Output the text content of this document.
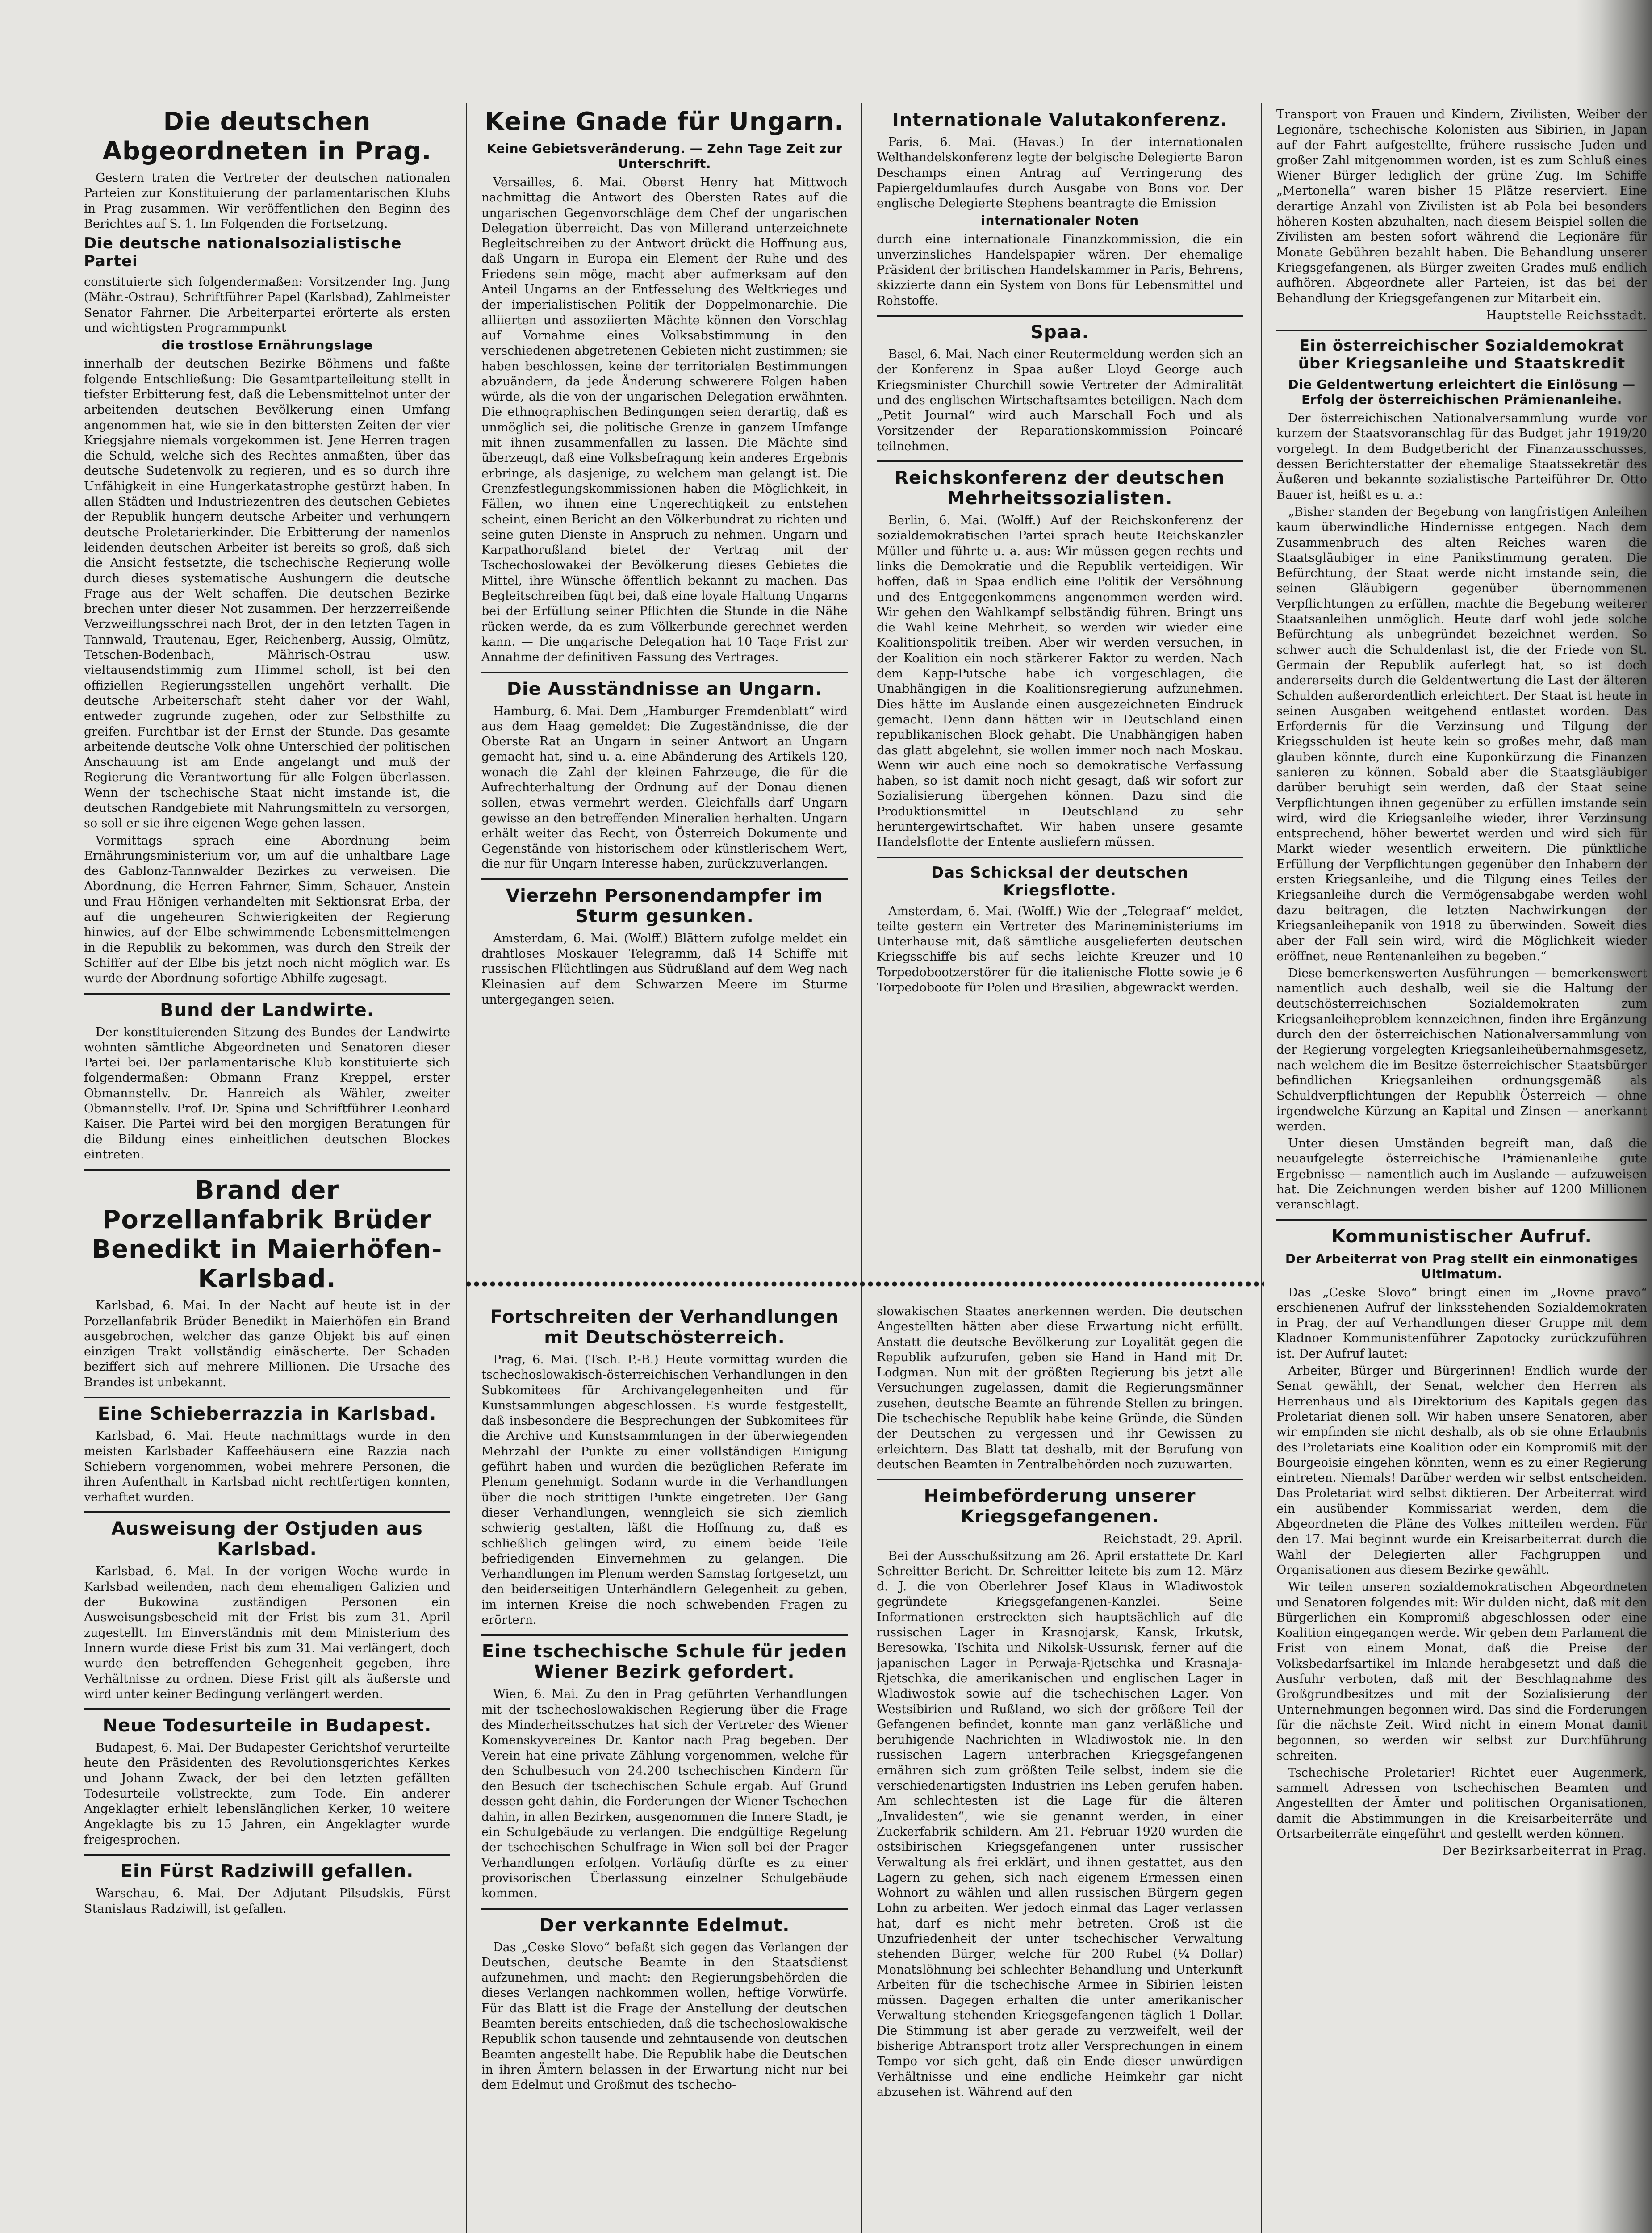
Die deutschen Abgeordneten in Prag.

Gestern traten die Vertreter der deutschen nationalen Parteien zur Konstituierung der parlamentarischen Klubs in Prag zusammen. Wir veröffentlichen den Beginn des Berichtes auf S. 1. Im Folgenden die Fortsetzung.

Die deutsche nationalsozialistische Partei

constituierte sich folgendermaßen: Vorsitzender Ing. Jung (Mähr.-Ostrau), Schriftführer Papel (Karlsbad), Zahlmeister Senator Fahrner. Die Arbeiterpartei erörterte als ersten und wichtigsten Programmpunkt

die trostlose Ernährungslage

innerhalb der deutschen Bezirke Böhmens und faßte folgende Entschließung: Die Gesamtparteileitung stellt in tiefster Erbitterung fest, daß die Lebensmittelnot unter der arbeitenden deutschen Bevölkerung einen Umfang angenommen hat, wie sie in den bittersten Zeiten der vier Kriegsjahre niemals vorgekommen ist. Jene Herren tragen die Schuld, welche sich des Rechtes anmaßten, über das deutsche Sudetenvolk zu regieren, und es so durch ihre Unfähigkeit in eine Hungerkatastrophe gestürzt haben. In allen Städten und Industriezentren des deutschen Gebietes der Republik hungern deutsche Arbeiter und verhungern deutsche Proletarierkinder. Die Erbitterung der namenlos leidenden deutschen Arbeiter ist bereits so groß, daß sich die Ansicht festsetzte, die tschechische Regierung wolle durch dieses systematische Aushungern die deutsche Frage aus der Welt schaffen. Die deutschen Bezirke brechen unter dieser Not zusammen. Der herzzerreißende Verzweiflungsschrei nach Brot, der in den letzten Tagen in Tannwald, Trautenau, Eger, Reichenberg, Aussig, Olmütz, Tetschen-Bodenbach, Mährisch-Ostrau usw. vieltausendstimmig zum Himmel scholl, ist bei den offiziellen Regierungsstellen ungehört verhallt. Die deutsche Arbeiterschaft steht daher vor der Wahl, entweder zugrunde zugehen, oder zur Selbsthilfe zu greifen. Furchtbar ist der Ernst der Stunde. Das gesamte arbeitende deutsche Volk ohne Unterschied der politischen Anschauung ist am Ende angelangt und muß der Regierung die Verantwortung für alle Folgen überlassen. Wenn der tschechische Staat nicht imstande ist, die deutschen Randgebiete mit Nahrungsmitteln zu versorgen, so soll er sie ihre eigenen Wege gehen lassen.

Vormittags sprach eine Abordnung beim Ernährungsministerium vor, um auf die unhaltbare Lage des Gablonz-Tannwalder Bezirkes zu verweisen. Die Abordnung, die Herren Fahrner, Simm, Schauer, Anstein und Frau Hönigen verhandelten mit Sektionsrat Erba, der auf die ungeheuren Schwierigkeiten der Regierung hinwies, auf der Elbe schwimmende Lebensmittelmengen in die Republik zu bekommen, was durch den Streik der Schiffer auf der Elbe bis jetzt noch nicht möglich war. Es wurde der Abordnung sofortige Abhilfe zugesagt.

Bund der Landwirte.

Der konstituierenden Sitzung des Bundes der Landwirte wohnten sämtliche Abgeordneten und Senatoren dieser Partei bei. Der parlamentarische Klub konstituierte sich folgendermaßen: Obmann Franz Kreppel, erster Obmannstellv. Dr. Hanreich als Wähler, zweiter Obmannstellv. Prof. Dr. Spina und Schriftführer Leonhard Kaiser. Die Partei wird bei den morgigen Beratungen für die Bildung eines einheitlichen deutschen Blockes eintreten.

Brand der Porzellanfabrik Brüder Benedikt in Maierhöfen-Karlsbad.

Karlsbad, 6. Mai. In der Nacht auf heute ist in der Porzellanfabrik Brüder Benedikt in Maierhöfen ein Brand ausgebrochen, welcher das ganze Objekt bis auf einen einzigen Trakt vollständig einäscherte. Der Schaden beziffert sich auf mehrere Millionen. Die Ursache des Brandes ist unbekannt.

Eine Schieberrazzia in Karlsbad.

Karlsbad, 6. Mai. Heute nachmittags wurde in den meisten Karlsbader Kaffeehäusern eine Razzia nach Schiebern vorgenommen, wobei mehrere Personen, die ihren Aufenthalt in Karlsbad nicht rechtfertigen konnten, verhaftet wurden.

Ausweisung der Ostjuden aus Karlsbad.

Karlsbad, 6. Mai. In der vorigen Woche wurde in Karlsbad weilenden, nach dem ehemaligen Galizien und der Bukowina zuständigen Personen ein Ausweisungsbescheid mit der Frist bis zum 31. April zugestellt. Im Einverständnis mit dem Ministerium des Innern wurde diese Frist bis zum 31. Mai verlängert, doch wurde den betreffenden Gehegenheit gegeben, ihre Verhältnisse zu ordnen. Diese Frist gilt als äußerste und wird unter keiner Bedingung verlängert werden.

Neue Todesurteile in Budapest.

Budapest, 6. Mai. Der Budapester Gerichtshof verurteilte heute den Präsidenten des Revolutionsgerichtes Kerkes und Johann Zwack, der bei den letzten gefällten Todesurteile vollstreckte, zum Tode. Ein anderer Angeklagter erhielt lebenslänglichen Kerker, 10 weitere Angeklagte bis zu 15 Jahren, ein Angeklagter wurde freigesprochen.

Ein Fürst Radziwill gefallen.

Warschau, 6. Mai. Der Adjutant Pilsudskis, Fürst Stanislaus Radziwill, ist gefallen.

Keine Gnade für Ungarn.
Keine Gebietsveränderung. — Zehn Tage Zeit zur Unterschrift.

Versailles, 6. Mai. Oberst Henry hat Mittwoch nachmittag die Antwort des Obersten Rates auf die ungarischen Gegenvorschläge dem Chef der ungarischen Delegation überreicht. Das von Millerand unterzeichnete Begleitschreiben zu der Antwort drückt die Hoffnung aus, daß Ungarn in Europa ein Element der Ruhe und des Friedens sein möge, macht aber aufmerksam auf den Anteil Ungarns an der Entfesselung des Weltkrieges und der imperialistischen Politik der Doppelmonarchie. Die alliierten und assoziierten Mächte können den Vorschlag auf Vornahme eines Volksabstimmung in den verschiedenen abgetretenen Gebieten nicht zustimmen; sie haben beschlossen, keine der territorialen Bestimmungen abzuändern, da jede Änderung schwerere Folgen haben würde, als die von der ungarischen Delegation erwähnten. Die ethnographischen Bedingungen seien derartig, daß es unmöglich sei, die politische Grenze in ganzem Umfange mit ihnen zusammenfallen zu lassen. Die Mächte sind überzeugt, daß eine Volksbefragung kein anderes Ergebnis erbringe, als dasjenige, zu welchem man gelangt ist. Die Grenzfestlegungskommissionen haben die Möglichkeit, in Fällen, wo ihnen eine Ungerechtigkeit zu entstehen scheint, einen Bericht an den Völkerbundrat zu richten und seine guten Dienste in Anspruch zu nehmen. Ungarn und Karpathorußland bietet der Vertrag mit der Tschechoslowakei der Bevölkerung dieses Gebietes die Mittel, ihre Wünsche öffentlich bekannt zu machen. Das Begleitschreiben fügt bei, daß eine loyale Haltung Ungarns bei der Erfüllung seiner Pflichten die Stunde in die Nähe rücken werde, da es zum Völkerbunde gerechnet werden kann. — Die ungarische Delegation hat 10 Tage Frist zur Annahme der definitiven Fassung des Vertrages.

Die Ausständnisse an Ungarn.

Hamburg, 6. Mai. Dem „Hamburger Fremdenblatt“ wird aus dem Haag gemeldet: Die Zugeständnisse, die der Oberste Rat an Ungarn in seiner Antwort an Ungarn gemacht hat, sind u. a. eine Abänderung des Artikels 120, wonach die Zahl der kleinen Fahrzeuge, die für die Aufrechterhaltung der Ordnung auf der Donau dienen sollen, etwas vermehrt werden. Gleichfalls darf Ungarn gewisse an den betreffenden Mineralien herhalten. Ungarn erhält weiter das Recht, von Österreich Dokumente und Gegenstände von historischem oder künstlerischem Wert, die nur für Ungarn Interesse haben, zurückzuverlangen.

Vierzehn Personendampfer im Sturm gesunken.

Amsterdam, 6. Mai. (Wolff.) Blättern zufolge meldet ein drahtloses Moskauer Telegramm, daß 14 Schiffe mit russischen Flüchtlingen aus Südrußland auf dem Weg nach Kleinasien auf dem Schwarzen Meere im Sturme untergegangen seien.

Internationale Valutakonferenz.

Paris, 6. Mai. (Havas.) In der internationalen Welthandelskonferenz legte der belgische Delegierte Baron Deschamps einen Antrag auf Verringerung des Papiergeldumlaufes durch Ausgabe von Bons vor. Der englische Delegierte Stephens beantragte die Emission

internationaler Noten

durch eine internationale Finanzkommission, die ein unverzinsliches Handelspapier wären. Der ehemalige Präsident der britischen Handelskammer in Paris, Behrens, skizzierte dann ein System von Bons für Lebensmittel und Rohstoffe.

Spaa.

Basel, 6. Mai. Nach einer Reutermeldung werden sich an der Konferenz in Spaa außer Lloyd George auch Kriegsminister Churchill sowie Vertreter der Admiralität und des englischen Wirtschaftsamtes beteiligen. Nach dem „Petit Journal“ wird auch Marschall Foch und als Vorsitzender der Reparationskommission Poincaré teilnehmen.

Reichskonferenz der deutschen Mehrheitssozialisten.

Berlin, 6. Mai. (Wolff.) Auf der Reichskonferenz der sozialdemokratischen Partei sprach heute Reichskanzler Müller und führte u. a. aus: Wir müssen gegen rechts und links die Demokratie und die Republik verteidigen. Wir hoffen, daß in Spaa endlich eine Politik der Versöhnung und des Entgegenkommens angenommen werden wird. Wir gehen den Wahlkampf selbständig führen. Bringt uns die Wahl keine Mehrheit, so werden wir wieder eine Koalitionspolitik treiben. Aber wir werden versuchen, in der Koalition ein noch stärkerer Faktor zu werden. Nach dem Kapp-Putsche habe ich vorgeschlagen, die Unabhängigen in die Koalitionsregierung aufzunehmen. Dies hätte im Auslande einen ausgezeichneten Eindruck gemacht. Denn dann hätten wir in Deutschland einen republikanischen Block gehabt. Die Unabhängigen haben das glatt abgelehnt, sie wollen immer noch nach Moskau. Wenn wir auch eine noch so demokratische Verfassung haben, so ist damit noch nicht gesagt, daß wir sofort zur Sozialisierung übergehen können. Dazu sind die Produktionsmittel in Deutschland zu sehr heruntergewirtschaftet. Wir haben unsere gesamte Handelsflotte der Entente ausliefern müssen.

Das Schicksal der deutschen Kriegsflotte.

Amsterdam, 6. Mai. (Wolff.) Wie der „Telegraaf“ meldet, teilte gestern ein Vertreter des Marineministeriums im Unterhause mit, daß sämtliche ausgelieferten deutschen Kriegsschiffe bis auf sechs leichte Kreuzer und 10 Torpedobootzerstörer für die italienische Flotte sowie je 6 Torpedoboote für Polen und Brasilien, abgewrackt werden.

Fortschreiten der Verhandlungen mit Deutschösterreich.

Prag, 6. Mai. (Tsch. P.-B.) Heute vormittag wurden die tschechoslowakisch-österreichischen Verhandlungen in den Subkomitees für Archivangelegenheiten und für Kunstsammlungen abgeschlossen. Es wurde festgestellt, daß insbesondere die Besprechungen der Subkomitees für die Archive und Kunstsammlungen in der überwiegenden Mehrzahl der Punkte zu einer vollständigen Einigung geführt haben und wurden die bezüglichen Referate im Plenum genehmigt. Sodann wurde in die Verhandlungen über die noch strittigen Punkte eingetreten. Der Gang dieser Verhandlungen, wenngleich sie sich ziemlich schwierig gestalten, läßt die Hoffnung zu, daß es schließlich gelingen wird, zu einem beide Teile befriedigenden Einvernehmen zu gelangen. Die Verhandlungen im Plenum werden Samstag fortgesetzt, um den beiderseitigen Unterhändlern Gelegenheit zu geben, im internen Kreise die noch schwebenden Fragen zu erörtern.

Eine tschechische Schule für jeden Wiener Bezirk gefordert.

Wien, 6. Mai. Zu den in Prag geführten Verhandlungen mit der tschechoslowakischen Regierung über die Frage des Minderheitsschutzes hat sich der Vertreter des Wiener Komenskyvereines Dr. Kantor nach Prag begeben. Der Verein hat eine private Zählung vorgenommen, welche für den Schulbesuch von 24.200 tschechischen Kindern für den Besuch der tschechischen Schule ergab. Auf Grund dessen geht dahin, die Forderungen der Wiener Tschechen dahin, in allen Bezirken, ausgenommen die Innere Stadt, je ein Schulgebäude zu verlangen. Die endgültige Regelung der tschechischen Schulfrage in Wien soll bei der Prager Verhandlungen erfolgen. Vorläufig dürfte es zu einer provisorischen Überlassung einzelner Schulgebäude kommen.

Der verkannte Edelmut.

Das „Ceske Slovo“ befaßt sich gegen das Verlangen der Deutschen, deutsche Beamte in den Staatsdienst aufzunehmen, und macht: den Regierungsbehörden die dieses Verlangen nachkommen wollen, heftige Vorwürfe. Für das Blatt ist die Frage der Anstellung der deutschen Beamten bereits entschieden, daß die tschechoslowakische Republik schon tausende und zehntausende von deutschen Beamten angestellt habe. Die Republik habe die Deutschen in ihren Ämtern belassen in der Erwartung nicht nur bei dem Edelmut und Großmut des tschecho-

slowakischen Staates anerkennen werden. Die deutschen Angestellten hätten aber diese Erwartung nicht erfüllt. Anstatt die deutsche Bevölkerung zur Loyalität gegen die Republik aufzurufen, geben sie Hand in Hand mit Dr. Lodgman. Nun mit der größten Regierung bis jetzt alle Versuchungen zugelassen, damit die Regierungsmänner zusehen, deutsche Beamte an führende Stellen zu bringen. Die tschechische Republik habe keine Gründe, die Sünden der Deutschen zu vergessen und ihr Gewissen zu erleichtern. Das Blatt tat deshalb, mit der Berufung von deutschen Beamten in Zentralbehörden noch zuzuwarten.

Heimbeförderung unserer Kriegsgefangenen.

Reichstadt, 29. April.

Bei der Ausschußsitzung am 26. April erstattete Dr. Karl Schreitter Bericht. Dr. Schreitter leitete bis zum 12. März d. J. die von Oberlehrer Josef Klaus in Wladiwostok gegründete Kriegsgefangenen-Kanzlei. Seine Informationen erstreckten sich hauptsächlich auf die russischen Lager in Krasnojarsk, Kansk, Irkutsk, Beresowka, Tschita und Nikolsk-Ussurisk, ferner auf die japanischen Lager in Perwaja-Rjetschka und Krasnaja-Rjetschka, die amerikanischen und englischen Lager in Wladiwostok sowie auf die tschechischen Lager. Von Westsibirien und Rußland, wo sich der größere Teil der Gefangenen befindet, konnte man ganz verläßliche und beruhigende Nachrichten in Wladiwostok nie. In den russischen Lagern unterbrachen Kriegsgefangenen ernähren sich zum größten Teile selbst, indem sie die verschiedenartigsten Industrien ins Leben gerufen haben. Am schlechtesten ist die Lage für die älteren „Invalidesten“, wie sie genannt werden, in einer Zuckerfabrik schildern. Am 21. Februar 1920 wurden die ostsibirischen Kriegsgefangenen unter russischer Verwaltung als frei erklärt, und ihnen gestattet, aus den Lagern zu gehen, sich nach eigenem Ermessen einen Wohnort zu wählen und allen russischen Bürgern gegen Lohn zu arbeiten. Wer jedoch einmal das Lager verlassen hat, darf es nicht mehr betreten. Groß ist die Unzufriedenheit der unter tschechischer Verwaltung stehenden Bürger, welche für 200 Rubel (¼ Dollar) Monatslöhnung bei schlechter Behandlung und Unterkunft Arbeiten für die tschechische Armee in Sibirien leisten müssen. Dagegen erhalten die unter amerikanischer Verwaltung stehenden Kriegsgefangenen täglich 1 Dollar. Die Stimmung ist aber gerade zu verzweifelt, weil der bisherige Abtransport trotz aller Versprechungen in einem Tempo vor sich geht, daß ein Ende dieser unwürdigen Verhältnisse und eine endliche Heimkehr gar nicht abzusehen ist. Während auf den

Transport von Frauen und Kindern, Zivilisten, Weiber der Legionäre, tschechische Kolonisten aus Sibirien, in Japan auf der Fahrt aufgestellte, frühere russische Juden und großer Zahl mitgenommen worden, ist es zum Schluß eines Wiener Bürger lediglich der grüne Zug. Im Schiffe „Mertonella“ waren bisher 15 Plätze reserviert. Eine derartige Anzahl von Zivilisten ist ab Pola bei besonders höheren Kosten abzuhalten, nach diesem Beispiel sollen die Zivilisten am besten sofort während die Legionäre für Monate Gebühren bezahlt haben. Die Behandlung unserer Kriegsgefangenen, als Bürger zweiten Grades muß endlich aufhören. Abgeordnete aller Parteien, ist das bei der Behandlung der Kriegsgefangenen zur Mitarbeit ein.

Hauptstelle Reichsstadt.

Ein österreichischer Sozialdemokrat über Kriegsanleihe und Staatskredit
Die Geldentwertung erleichtert die Einlösung — Erfolg der österreichischen Prämienanleihe.

Der österreichischen Nationalversammlung wurde vor kurzem der Staatsvoranschlag für das Budget jahr 1919/20 vorgelegt. In dem Budgetbericht der Finanzausschusses, dessen Berichterstatter der ehemalige Staatssekretär des Äußeren und bekannte sozialistische Parteiführer Dr. Otto Bauer ist, heißt es u. a.:

„Bisher standen der Begebung von langfristigen Anleihen kaum überwindliche Hindernisse entgegen. Nach dem Zusammenbruch des alten Reiches waren die Staatsgläubiger in eine Panikstimmung geraten. Die Befürchtung, der Staat werde nicht imstande sein, die seinen Gläubigern gegenüber übernommenen Verpflichtungen zu erfüllen, machte die Begebung weiterer Staatsanleihen unmöglich. Heute darf wohl jede solche Befürchtung als unbegründet bezeichnet werden. So schwer auch die Schuldenlast ist, die der Friede von St. Germain der Republik auferlegt hat, so ist doch andererseits durch die Geldentwertung die Last der älteren Schulden außerordentlich erleichtert. Der Staat ist heute in seinen Ausgaben weitgehend entlastet worden. Das Erfordernis für die Verzinsung und Tilgung der Kriegsschulden ist heute kein so großes mehr, daß man glauben könnte, durch eine Kuponkürzung die Finanzen sanieren zu können. Sobald aber die Staatsgläubiger darüber beruhigt sein werden, daß der Staat seine Verpflichtungen ihnen gegenüber zu erfüllen imstande sein wird, wird die Kriegsanleihe wieder, ihrer Verzinsung entsprechend, höher bewertet werden und wird sich für Markt wieder wesentlich erweitern. Die pünktliche Erfüllung der Verpflichtungen gegenüber den Inhabern der ersten Kriegsanleihe, und die Tilgung eines Teiles der Kriegsanleihe durch die Vermögensabgabe werden wohl dazu beitragen, die letzten Nachwirkungen der Kriegsanleihepanik von 1918 zu überwinden. Soweit dies aber der Fall sein wird, wird die Möglichkeit wieder eröffnet, neue Rentenanleihen zu begeben.“

Diese bemerkenswerten Ausführungen — bemerkenswert namentlich auch deshalb, weil sie die Haltung der deutschösterreichischen Sozialdemokraten zum Kriegsanleiheproblem kennzeichnen, finden ihre Ergänzung durch den der österreichischen Nationalversammlung von der Regierung vorgelegten Kriegsanleiheübernahmsgesetz, nach welchem die im Besitze österreichischer Staatsbürger befindlichen Kriegsanleihen ordnungsgemäß als Schuldverpflichtungen der Republik Österreich — ohne irgendwelche Kürzung an Kapital und Zinsen — anerkannt werden.

Unter diesen Umständen begreift man, daß die neuaufgelegte österreichische Prämienanleihe gute Ergebnisse — namentlich auch im Auslande — aufzuweisen hat. Die Zeichnungen werden bisher auf 1200 Millionen veranschlagt.

Kommunistischer Aufruf.
Der Arbeiterrat von Prag stellt ein einmonatiges Ultimatum.

Das „Ceske Slovo“ bringt einen im „Rovne pravo“ erschienenen Aufruf der linksstehenden Sozialdemokraten in Prag, der auf Verhandlungen dieser Gruppe mit dem Kladnoer Kommunistenführer Zapotocky zurückzuführen ist. Der Aufruf lautet:

Arbeiter, Bürger und Bürgerinnen! Endlich wurde der Senat gewählt, der Senat, welcher den Herren als Herrenhaus und als Direktorium des Kapitals gegen das Proletariat dienen soll. Wir haben unsere Senatoren, aber wir empfinden sie nicht deshalb, als ob sie ohne Erlaubnis des Proletariats eine Koalition oder ein Kompromiß mit der Bourgeoisie eingehen könnten, wenn es zu einer Regierung eintreten. Niemals! Darüber werden wir selbst entscheiden. Das Proletariat wird selbst diktieren. Der Arbeiterrat wird ein ausübender Kommissariat werden, dem die Abgeordneten die Pläne des Volkes mitteilen werden. Für den 17. Mai beginnt wurde ein Kreisarbeiterrat durch die Wahl der Delegierten aller Fachgruppen und Organisationen aus diesem Bezirke gewählt.

Wir teilen unseren sozialdemokratischen Abgeordneten und Senatoren folgendes mit: Wir dulden nicht, daß mit den Bürgerlichen ein Kompromiß abgeschlossen oder eine Koalition eingegangen werde. Wir geben dem Parlament die Frist von einem Monat, daß die Preise der Volksbedarfsartikel im Inlande herabgesetzt und daß die Ausfuhr verboten, daß mit der Beschlagnahme des Großgrundbesitzes und mit der Sozialisierung der Unternehmungen begonnen wird. Das sind die Forderungen für die nächste Zeit. Wird nicht in einem Monat damit begonnen, so werden wir selbst zur Durchführung schreiten.

Tschechische Proletarier! Richtet euer Augenmerk, sammelt Adressen von tschechischen Beamten und Angestellten der Ämter und politischen Organisationen, damit die Abstimmungen in die Kreisarbeiterräte und Ortsarbeiterräte eingeführt und gestellt werden können.

Der Bezirksarbeiterrat in Prag.
